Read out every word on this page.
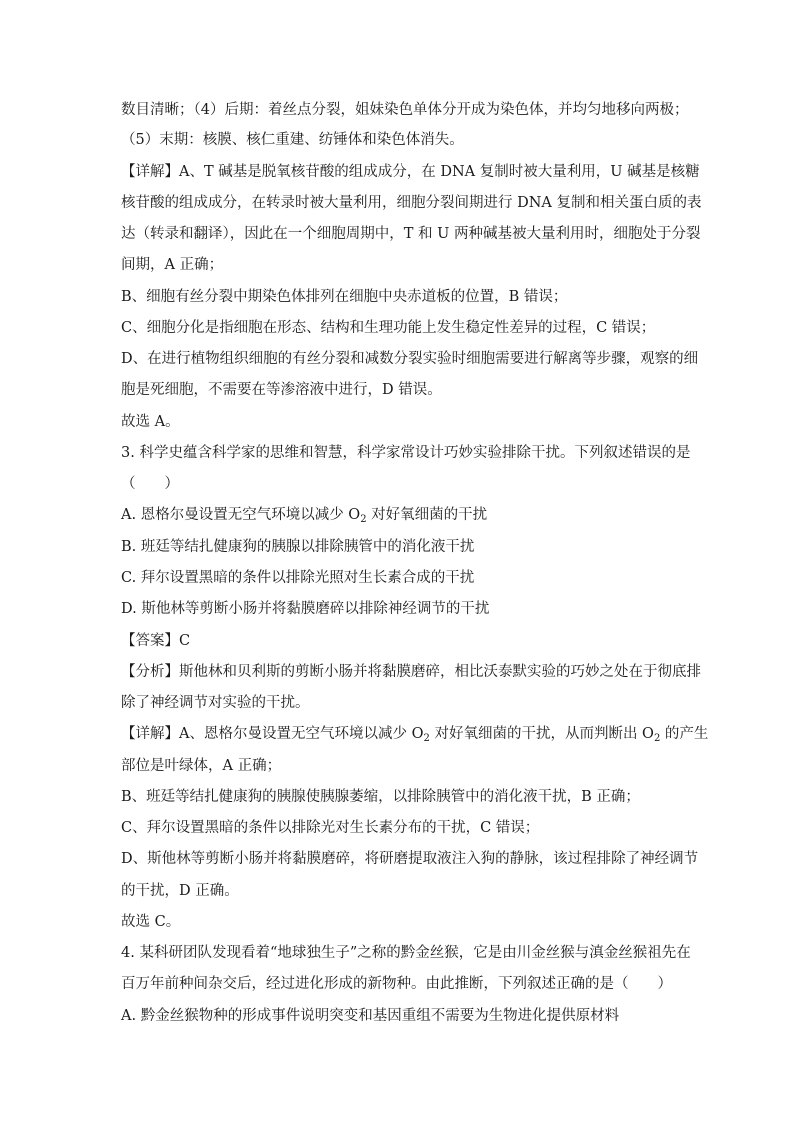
数目清晰；（4）后期：着丝点分裂，姐妹染色单体分开成为染色体，并均匀地移向两极；
（5）末期：核膜、核仁重建、纺锤体和染色体消失。
【详解】A、T 碱基是脱氧核苷酸的组成成分，在 DNA 复制时被大量利用，U 碱基是核糖
核苷酸的组成成分，在转录时被大量利用，细胞分裂间期进行 DNA 复制和相关蛋白质的表
达（转录和翻译），因此在一个细胞周期中，T 和 U 两种碱基被大量利用时，细胞处于分裂
间期，A 正确；
B、细胞有丝分裂中期染色体排列在细胞中央赤道板的位置，B 错误；
C、细胞分化是指细胞在形态、结构和生理功能上发生稳定性差异的过程，C 错误；
D、在进行植物组织细胞的有丝分裂和减数分裂实验时细胞需要进行解离等步骤，观察的细
胞是死细胞，不需要在等渗溶液中进行，D 错误。
故选 A。
3. 科学史蕴含科学家的思维和智慧，科学家常设计巧妙实验排除干扰。下列叙述错误的是
（　　）
A. 恩格尔曼设置无空气环境以减少 $O_2$ 对好氧细菌的干扰
B. 班廷等结扎健康狗的胰腺以排除胰管中的消化液干扰
C. 拜尔设置黑暗的条件以排除光照对生长素合成的干扰
D. 斯他林等剪断小肠并将黏膜磨碎以排除神经调节的干扰
【答案】C
【分析】斯他林和贝利斯的剪断小肠并将黏膜磨碎，相比沃泰默实验的巧妙之处在于彻底排
除了神经调节对实验的干扰。
【详解】A、恩格尔曼设置无空气环境以减少 $O_2$ 对好氧细菌的干扰，从而判断出 $O_2$ 的产生
部位是叶绿体，A 正确；
B、班廷等结扎健康狗的胰腺使胰腺萎缩，以排除胰管中的消化液干扰，B 正确；
C、拜尔设置黑暗的条件以排除光对生长素分布的干扰，C 错误；
D、斯他林等剪断小肠并将黏膜磨碎，将研磨提取液注入狗的静脉，该过程排除了神经调节
的干扰，D 正确。
故选 C。
4. 某科研团队发现看着“地球独生子”之称的黔金丝猴，它是由川金丝猴与滇金丝猴祖先在
百万年前种间杂交后，经过进化形成的新物种。由此推断，下列叙述正确的是（　　）
A. 黔金丝猴物种的形成事件说明突变和基因重组不需要为生物进化提供原材料
